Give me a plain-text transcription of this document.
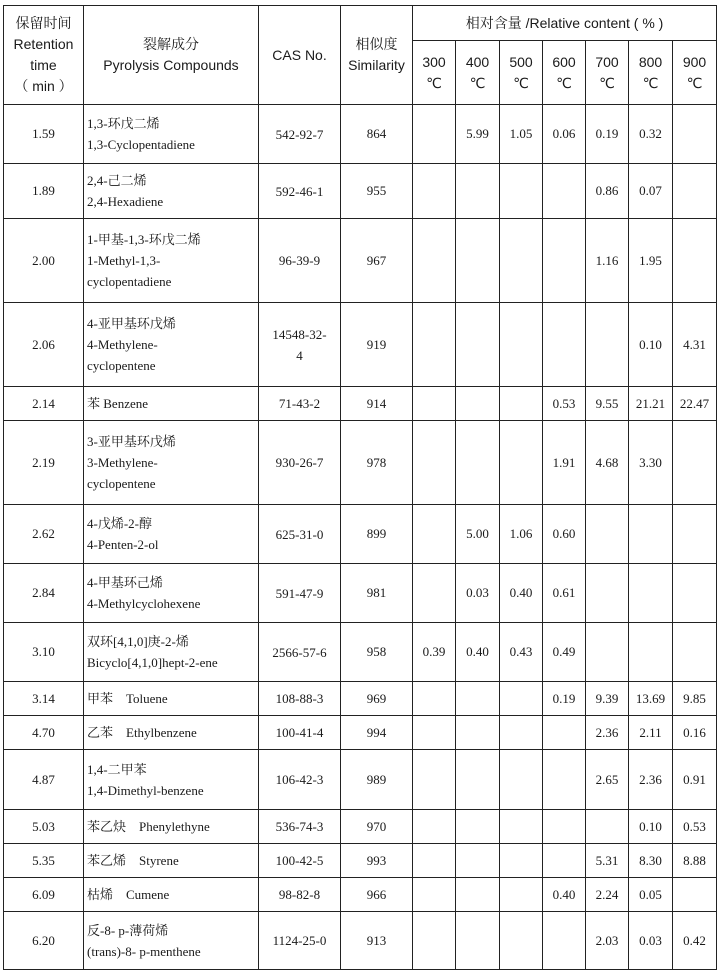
保留时间
Retention
time
（ min ）	裂解成分
Pyrolysis Compounds	CAS No.	相似度
Similarity	相对含量 /Relative content ( % )						

				300
℃	400
℃	500
℃	600
℃	700
℃	800
℃	900
℃

1.59	1,3-环戊二烯
1,3-Cyclopentadiene	542-92-7	864		5.99	1.05	0.06	0.19	0.32	
1.89	2,4-己二烯
2,4-Hexadiene	592-46-1	955					0.86	0.07	
2.00	1-甲基-1,3-环戊二烯
1-Methyl-1,3-
cyclopentadiene	96-39-9	967					1.16	1.95	
2.06	4-亚甲基环戊烯
4-Methylene-
cyclopentene	14548-32-
4	919						0.10	4.31
2.14	苯 Benzene	71-43-2	914				0.53	9.55	21.21	22.47
2.19	3-亚甲基环戊烯
3-Methylene-
cyclopentene	930-26-7	978				1.91	4.68	3.30	
2.62	4-戊烯-2-醇
4-Penten-2-ol	625-31-0	899		5.00	1.06	0.60			
2.84	4-甲基环己烯
4-Methylcyclohexene	591-47-9	981		0.03	0.40	0.61			
3.10	双环[4,1,0]庚-2-烯
Bicyclo[4,1,0]hept-2-ene	2566-57-6	958	0.39	0.40	0.43	0.49			
3.14	甲苯　Toluene	108-88-3	969				0.19	9.39	13.69	9.85
4.70	乙苯　Ethylbenzene	100-41-4	994					2.36	2.11	0.16
4.87	1,4-二甲苯
1,4-Dimethyl-benzene	106-42-3	989					2.65	2.36	0.91
5.03	苯乙炔　Phenylethyne	536-74-3	970						0.10	0.53
5.35	苯乙烯　Styrene	100-42-5	993					5.31	8.30	8.88
6.09	枯烯　Cumene	98-82-8	966				0.40	2.24	0.05	
6.20	反-8- p-薄荷烯
(trans)-8- p-menthene	1124-25-0	913					2.03	0.03	0.42
